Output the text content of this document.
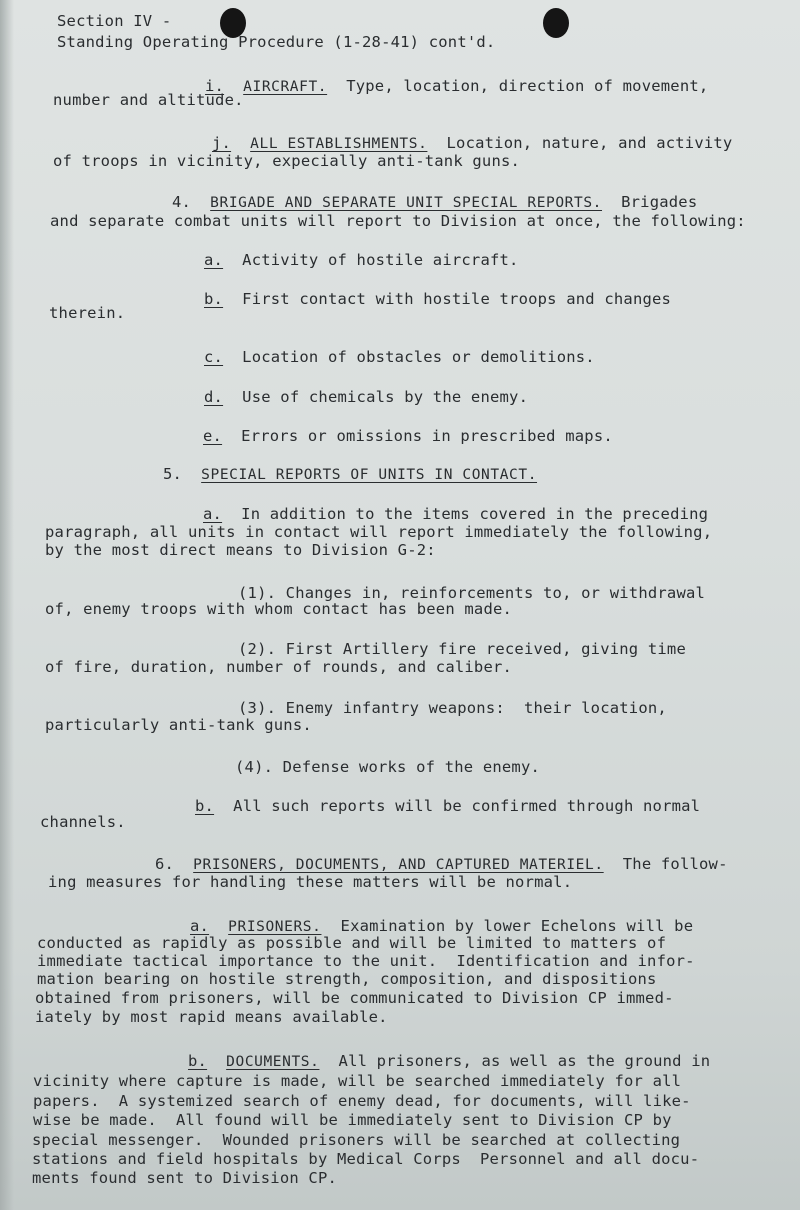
Section IV -
Standing Operating Procedure (1-28-41) cont'd.
i. AIRCRAFT. Type, location, direction of movement,
number and altitude.
j. ALL ESTABLISHMENTS. Location, nature, and activity
of troops in vicinity, expecially anti-tank guns.
4. BRIGADE AND SEPARATE UNIT SPECIAL REPORTS. Brigades
and separate combat units will report to Division at once, the following:
a. Activity of hostile aircraft.
b. First contact with hostile troops and changes
therein.
c. Location of obstacles or demolitions.
d. Use of chemicals by the enemy.
e. Errors or omissions in prescribed maps.
5. SPECIAL REPORTS OF UNITS IN CONTACT.
a. In addition to the items covered in the preceding
paragraph, all units in contact will report immediately the following,
by the most direct means to Division G-2:
(1). Changes in, reinforcements to, or withdrawal
of, enemy troops with whom contact has been made.
(2). First Artillery fire received, giving time
of fire, duration, number of rounds, and caliber.
(3). Enemy infantry weapons:  their location,
particularly anti-tank guns.
(4). Defense works of the enemy.
b. All such reports will be confirmed through normal
channels.
6. PRISONERS, DOCUMENTS, AND CAPTURED MATERIEL. The follow-
ing measures for handling these matters will be normal.
a. PRISONERS. Examination by lower Echelons will be
conducted as rapidly as possible and will be limited to matters of
immediate tactical importance to the unit.  Identification and infor-
mation bearing on hostile strength, composition, and dispositions
obtained from prisoners, will be communicated to Division CP immed-
iately by most rapid means available.
b. DOCUMENTS. All prisoners, as well as the ground in
vicinity where capture is made, will be searched immediately for all
papers.  A systemized search of enemy dead, for documents, will like-
wise be made.  All found will be immediately sent to Division CP by
special messenger.  Wounded prisoners will be searched at collecting
stations and field hospitals by Medical Corps  Personnel and all docu-
ments found sent to Division CP.
